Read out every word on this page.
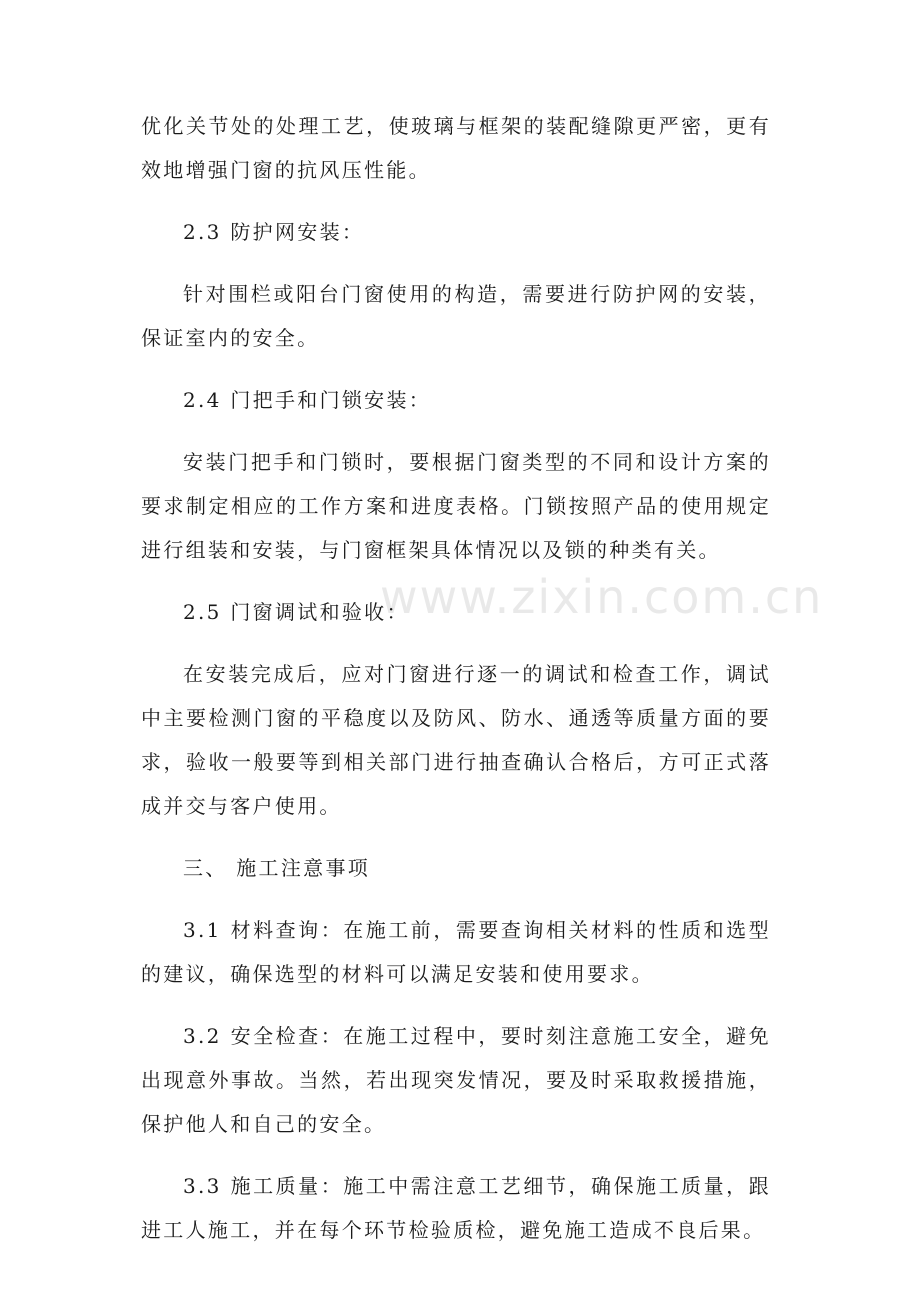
www.zixin.com.cn

优化关节处的处理工艺，使玻璃与框架的装配缝隙更严密，更有效地增强门窗的抗风压性能。

2.3 防护网安装：

针对围栏或阳台门窗使用的构造，需要进行防护网的安装，保证室内的安全。

2.4 门把手和门锁安装：

安装门把手和门锁时，要根据门窗类型的不同和设计方案的要求制定相应的工作方案和进度表格。门锁按照产品的使用规定进行组装和安装，与门窗框架具体情况以及锁的种类有关。

2.5 门窗调试和验收：

在安装完成后，应对门窗进行逐一的调试和检查工作，调试中主要检测门窗的平稳度以及防风、防水、通透等质量方面的要求，验收一般要等到相关部门进行抽查确认合格后，方可正式落成并交与客户使用。

三、 施工注意事项

3.1 材料查询：在施工前，需要查询相关材料的性质和选型的建议，确保选型的材料可以满足安装和使用要求。

3.2 安全检查：在施工过程中，要时刻注意施工安全，避免出现意外事故。当然，若出现突发情况，要及时采取救援措施，保护他人和自己的安全。

3.3 施工质量：施工中需注意工艺细节，确保施工质量，跟进工人施工，并在每个环节检验质检，避免施工造成不良后果。
